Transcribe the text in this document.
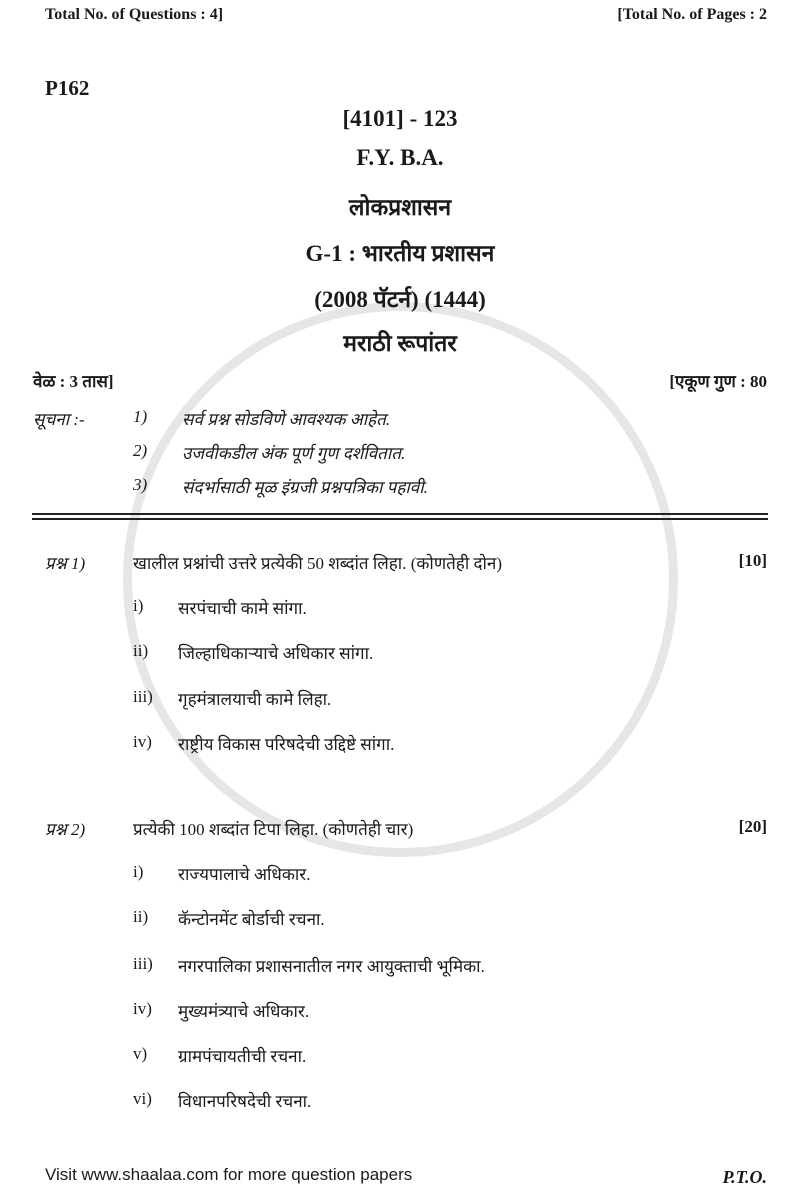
Total No. of Questions : 4]	[Total No. of Pages : 2
P162
[4101] - 123
F.Y. B.A.
लोकप्रशासन
G-1 : भारतीय प्रशासन
(2008 पॅटर्न) (1444)
मराठी रूपांतर
वेळ : 3 तास]	[एकूण गुण : 80
सूचना :-	1) सर्व प्रश्न सोडविणे आवश्यक आहेत.
2) उजवीकडील अंक पूर्ण गुण दर्शवितात.
3) संदर्भासाठी मूळ इंग्रजी प्रश्नपत्रिका पहावी.
प्रश्न 1)	खालील प्रश्नांची उत्तरे प्रत्येकी 50 शब्दांत लिहा. (कोणतेही दोन)	[10]
i) सरपंचाची कामे सांगा.
ii) जिल्हाधिकाऱ्याचे अधिकार सांगा.
iii) गृहमंत्रालयाची कामे लिहा.
iv) राष्ट्रीय विकास परिषदेची उद्दिष्टे सांगा.
प्रश्न 2)	प्रत्येकी 100 शब्दांत टिपा लिहा. (कोणतेही चार)	[20]
i) राज्यपालाचे अधिकार.
ii) कॅन्टोनमेंट बोर्डाची रचना.
iii) नगरपालिका प्रशासनातील नगर आयुक्ताची भूमिका.
iv) मुख्यमंत्र्याचे अधिकार.
v) ग्रामपंचायतीची रचना.
vi) विधानपरिषदेची रचना.
Visit www.shaalaa.com for more question papers	P.T.O.
